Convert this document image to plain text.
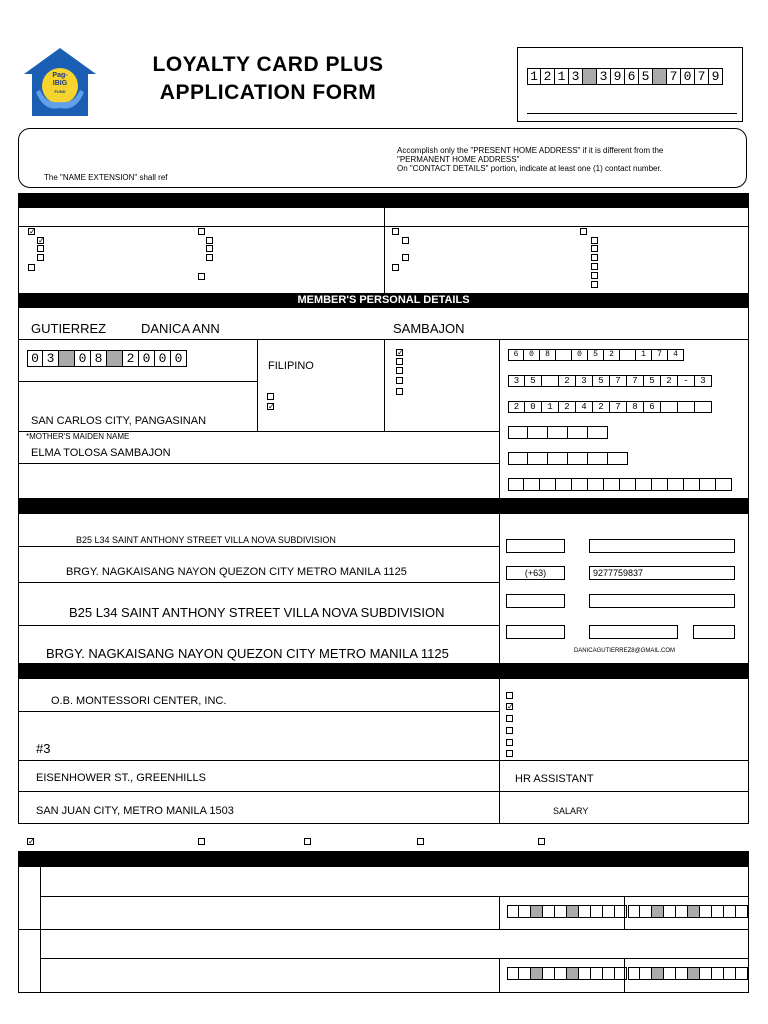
Pag-
IBIG
FUND
LOYALTY CARD PLUS
APPLICATION FORM
1 2 1 3 3 9 6 5 7 0 7 9
The "NAME EXTENSION" shall ref
Accomplish only the "PRESENT HOME ADDRESS" if it is different from the
"PERMANENT HOME ADDRESS"
On "CONTACT DETAILS" portion, indicate at least one (1) contact number.
✓
✓
MEMBER'S PERSONAL DETAILS
GUTIERREZ	DANICA ANN	SAMBAJON
0 3	0 8	2 0 0 0	FILIPINO
✓
✓
SAN CARLOS CITY, PANGASINAN
*MOTHER'S MAIDEN NAME
ELMA TOLOSA SAMBAJON
6	0	8	0	5	2	1	7	4
3	5	2	3	5	7	7	5	2	-	3
2	0	1	2	4	2	7	8	6
B25 L34 SAINT ANTHONY STREET VILLA NOVA SUBDIVISION
BRGY. NAGKAISANG NAYON QUEZON CITY METRO MANILA 1125
B25 L34 SAINT ANTHONY STREET VILLA NOVA SUBDIVISION
BRGY. NAGKAISANG NAYON QUEZON CITY METRO MANILA 1125
(+63)	9277759837
DANICAGUTIERREZ8@GMAIL.COM
O.B. MONTESSORI CENTER, INC.
#3
EISENHOWER ST., GREENHILLS	HR ASSISTANT
SAN JUAN CITY, METRO MANILA 1503	SALARY
✓
✓
